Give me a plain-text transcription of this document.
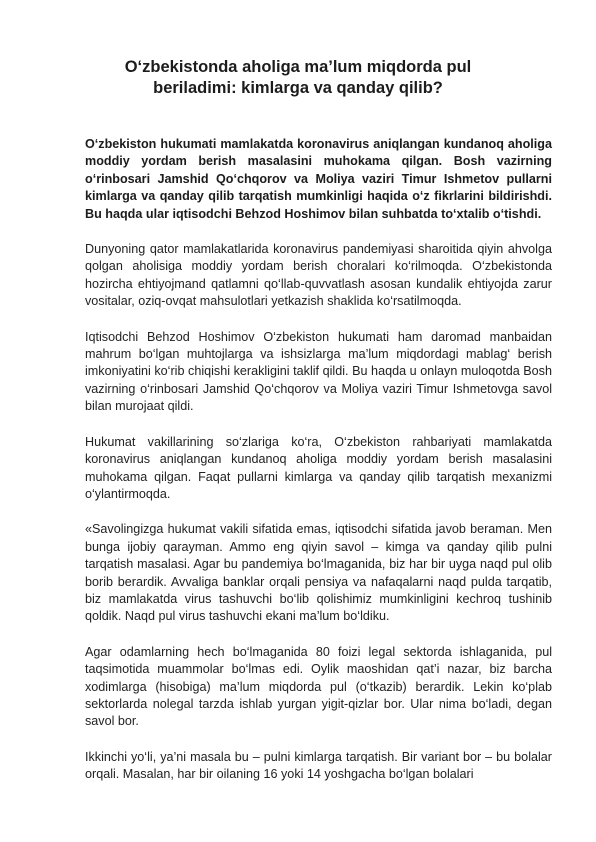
O‘zbekistonda aholiga ma’lum miqdorda pul beriladimi: kimlarga va qanday qilib?

O‘zbekiston hukumati mamlakatda koronavirus aniqlangan kundanoq aholiga moddiy yordam berish masalasini muhokama qilgan. Bosh vazirning o‘rinbosari Jamshid Qo‘chqorov va Moliya vaziri Timur Ishmetov pullarni kimlarga va qanday qilib tarqatish mumkinligi haqida o‘z fikrlarini bildirishdi. Bu haqda ular iqtisodchi Behzod Hoshimov bilan suhbatda to‘xtalib o‘tishdi.

Dunyoning qator mamlakatlarida koronavirus pandemiyasi sharoitida qiyin ahvolga qolgan aholisiga moddiy yordam berish choralari ko‘rilmoqda. O‘zbekistonda hozircha ehtiyojmand qatlamni qo‘llab-quvvatlash asosan kundalik ehtiyojda zarur vositalar, oziq-ovqat mahsulotlari yetkazish shaklida ko‘rsatilmoqda.

Iqtisodchi Behzod Hoshimov O‘zbekiston hukumati ham daromad manbaidan mahrum bo‘lgan muhtojlarga va ishsizlarga ma’lum miqdordagi mablag‘ berish imkoniyatini ko‘rib chiqishi kerakligini taklif qildi. Bu haqda u onlayn muloqotda Bosh vazirning o‘rinbosari Jamshid Qo‘chqorov va Moliya vaziri Timur Ishmetovga savol bilan murojaat qildi.

Hukumat vakillarining so‘zlariga ko‘ra, O‘zbekiston rahbariyati mamlakatda koronavirus aniqlangan kundanoq aholiga moddiy yordam berish masalasini muhokama qilgan. Faqat pullarni kimlarga va qanday qilib tarqatish mexanizmi o‘ylantirmoqda.

«Savolingizga hukumat vakili sifatida emas, iqtisodchi sifatida javob beraman. Men bunga ijobiy qarayman. Ammo eng qiyin savol – kimga va qanday qilib pulni tarqatish masalasi. Agar bu pandemiya bo‘lmaganida, biz har bir uyga naqd pul olib borib berardik. Avvaliga banklar orqali pensiya va nafaqalarni naqd pulda tarqatib, biz mamlakatda virus tashuvchi bo‘lib qolishimiz mumkinligini kechroq tushinib qoldik. Naqd pul virus tashuvchi ekani ma’lum bo‘ldiku.

Agar odamlarning hech bo‘lmaganida 80 foizi legal sektorda ishlaganida, pul taqsimotida muammolar bo‘lmas edi. Oylik maoshidan qat’i nazar, biz barcha xodimlarga (hisobiga) ma’lum miqdorda pul (o‘tkazib) berardik. Lekin ko‘plab sektorlarda nolegal tarzda ishlab yurgan yigit-qizlar bor. Ular nima bo‘ladi, degan savol bor.

Ikkinchi yo‘li, ya’ni masala bu – pulni kimlarga tarqatish. Bir variant bor – bu bolalar orqali. Masalan, har bir oilaning 16 yoki 14 yoshgacha bo‘lgan bolalari
